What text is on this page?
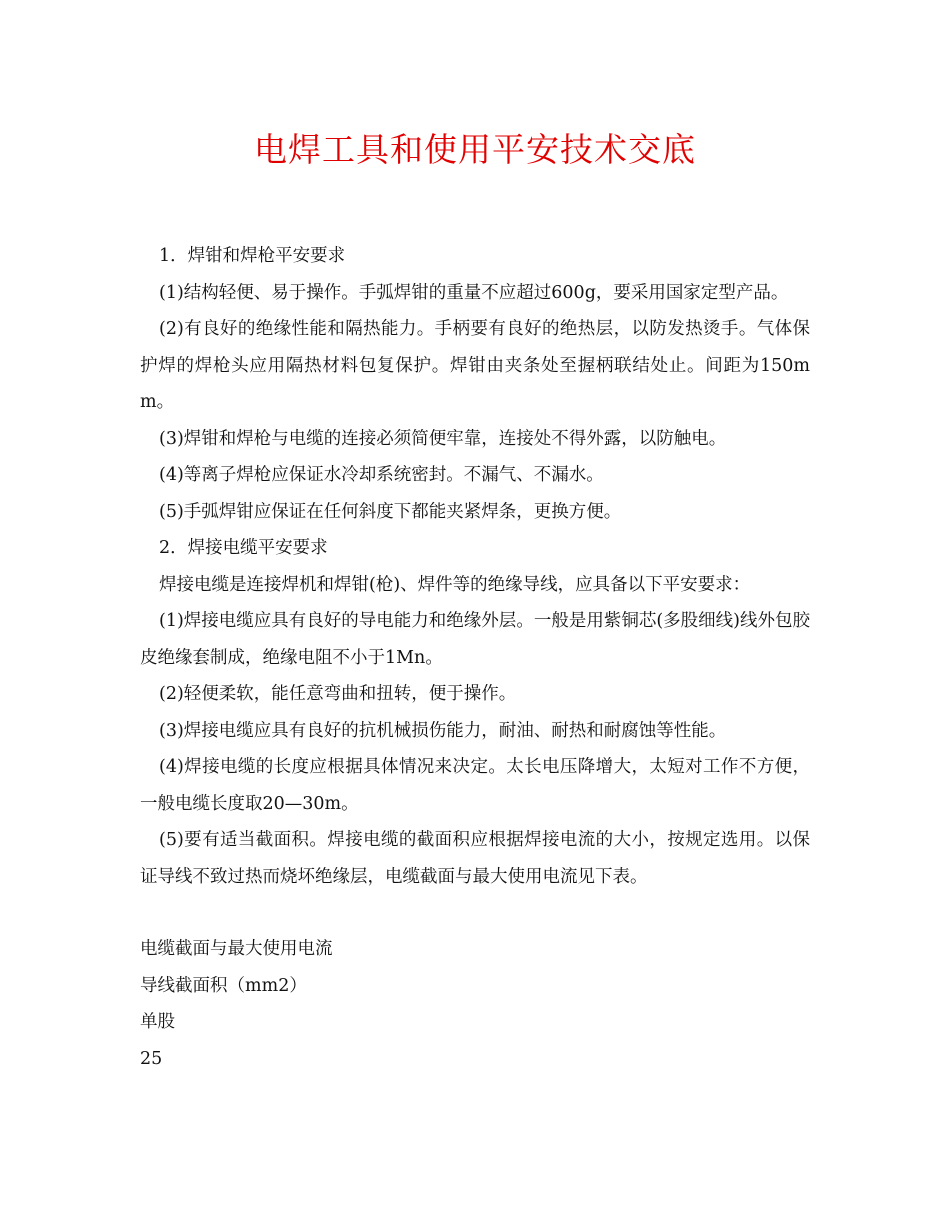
电焊工具和使用平安技术交底

1．焊钳和焊枪平安要求

(1)结构轻便、易于操作。手弧焊钳的重量不应超过600g，要采用国家定型产品。

(2)有良好的绝缘性能和隔热能力。手柄要有良好的绝热层，以防发热烫手。气体保护焊的焊枪头应用隔热材料包复保护。焊钳由夹条处至握柄联结处止。间距为150mm。

(3)焊钳和焊枪与电缆的连接必须简便牢靠，连接处不得外露，以防触电。

(4)等离子焊枪应保证水冷却系统密封。不漏气、不漏水。

(5)手弧焊钳应保证在任何斜度下都能夹紧焊条，更换方便。

2．焊接电缆平安要求

焊接电缆是连接焊机和焊钳(枪)、焊件等的绝缘导线，应具备以下平安要求：

(1)焊接电缆应具有良好的导电能力和绝缘外层。一般是用紫铜芯(多股细线)线外包胶皮绝缘套制成，绝缘电阻不小于1Mn。

(2)轻便柔软，能任意弯曲和扭转，便于操作。

(3)焊接电缆应具有良好的抗机械损伤能力，耐油、耐热和耐腐蚀等性能。

(4)焊接电缆的长度应根据具体情况来决定。太长电压降增大，太短对工作不方便，一般电缆长度取20—30m。

(5)要有适当截面积。焊接电缆的截面积应根据焊接电流的大小，按规定选用。以保证导线不致过热而烧坏绝缘层，电缆截面与最大使用电流见下表。

电缆截面与最大使用电流

导线截面积（mm2）

单股

25
